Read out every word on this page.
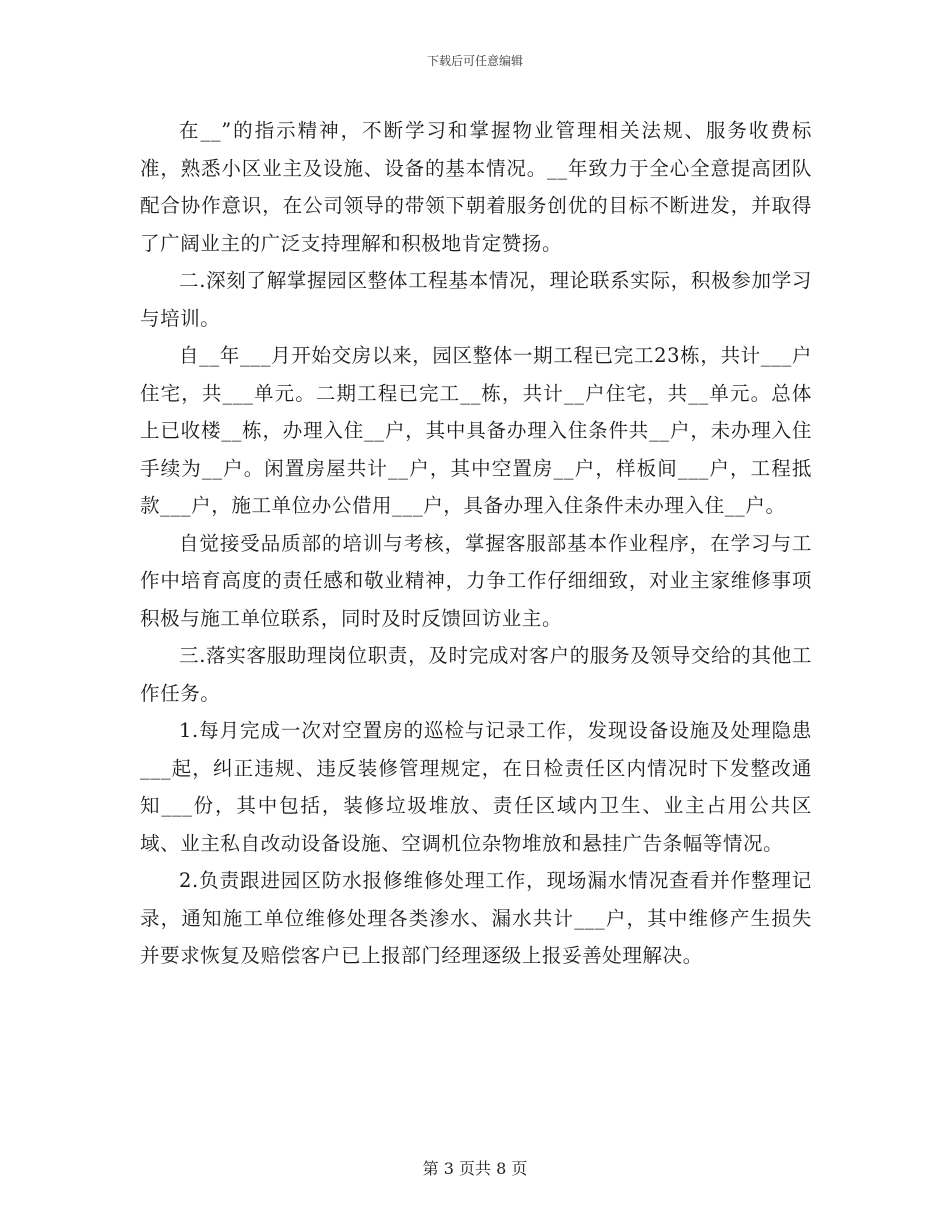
下载后可任意编辑

在__”的指示精神，不断学习和掌握物业管理相关法规、服务收费标准，熟悉小区业主及设施、设备的基本情况。__年致力于全心全意提高团队配合协作意识，在公司领导的带领下朝着服务创优的目标不断进发，并取得了广阔业主的广泛支持理解和积极地肯定赞扬。

二.深刻了解掌握园区整体工程基本情况，理论联系实际，积极参加学习与培训。

自__年___月开始交房以来，园区整体一期工程已完工23栋，共计___户住宅，共___单元。二期工程已完工__栋，共计__户住宅，共__单元。总体上已收楼__栋，办理入住__户，其中具备办理入住条件共__户，未办理入住手续为__户。闲置房屋共计__户，其中空置房__户，样板间___户，工程抵款___户，施工单位办公借用___户，具备办理入住条件未办理入住__户。

自觉接受品质部的培训与考核，掌握客服部基本作业程序，在学习与工作中培育高度的责任感和敬业精神，力争工作仔细细致，对业主家维修事项积极与施工单位联系，同时及时反馈回访业主。

三.落实客服助理岗位职责，及时完成对客户的服务及领导交给的其他工作任务。

1.每月完成一次对空置房的巡检与记录工作，发现设备设施及处理隐患___起，纠正违规、违反装修管理规定，在日检责任区内情况时下发整改通知___份，其中包括，装修垃圾堆放、责任区域内卫生、业主占用公共区域、业主私自改动设备设施、空调机位杂物堆放和悬挂广告条幅等情况。

2.负责跟进园区防水报修维修处理工作，现场漏水情况查看并作整理记录，通知施工单位维修处理各类渗水、漏水共计___户，其中维修产生损失并要求恢复及赔偿客户已上报部门经理逐级上报妥善处理解决。

第 3 页共 8 页
